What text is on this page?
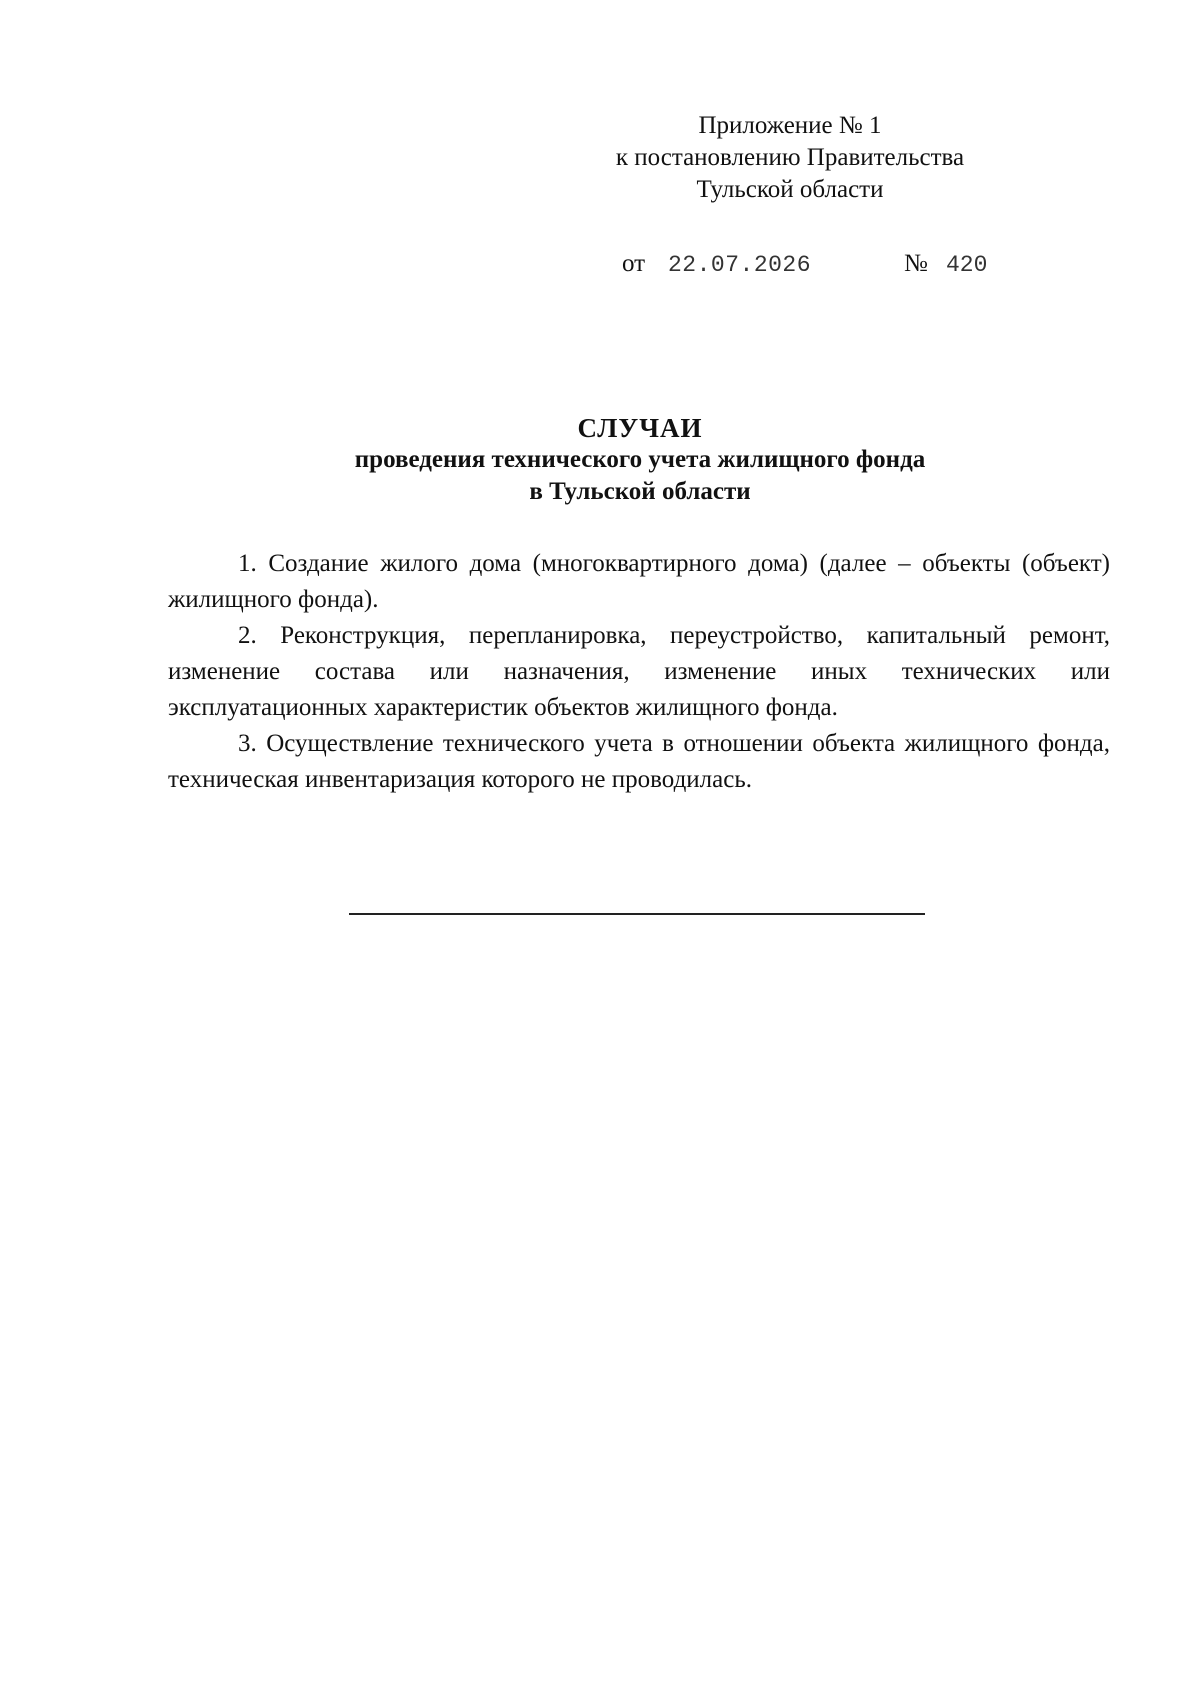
Приложение № 1
к постановлению Правительства
Тульской области
от 22.07.2026	№ 420
СЛУЧАИ
проведения технического учета жилищного фонда
в Тульской области

1. Создание жилого дома (многоквартирного дома) (далее – объекты (объект) жилищного фонда).

2. Реконструкция, перепланировка, переустройство, капитальный ремонт, изменение состава или назначения, изменение иных технических или эксплуатационных характеристик объектов жилищного фонда.

3. Осуществление технического учета в отношении объекта жилищного фонда, техническая инвентаризация которого не проводилась.
